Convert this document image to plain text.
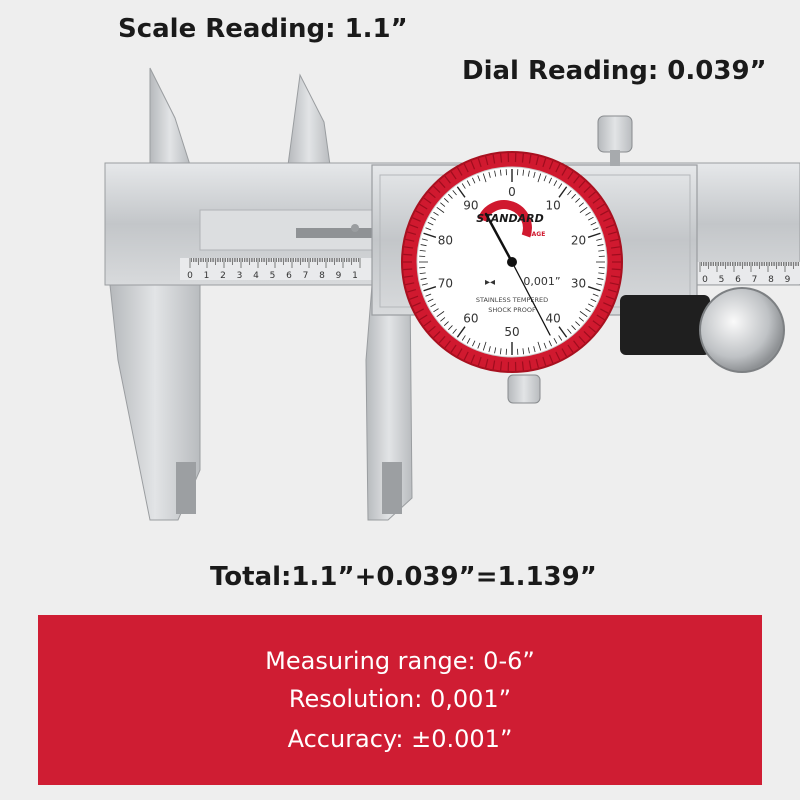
Scale Reading: 1.1”
Dial Reading: 0.039”
0 1 2 3 4 5 6 7 8 9 1	0 5 6 7 8 9
0
10
20
30
40
50
60
70
80
90
STANDARD
GAGE
0,001”
▸◂
STAINLESS TEMPERED
SHOCK PROOF
Total:1.1”+0.039”=1.139”
Measuring range: 0-6”
Resolution: 0,001”
Accuracy: ±0.001”
